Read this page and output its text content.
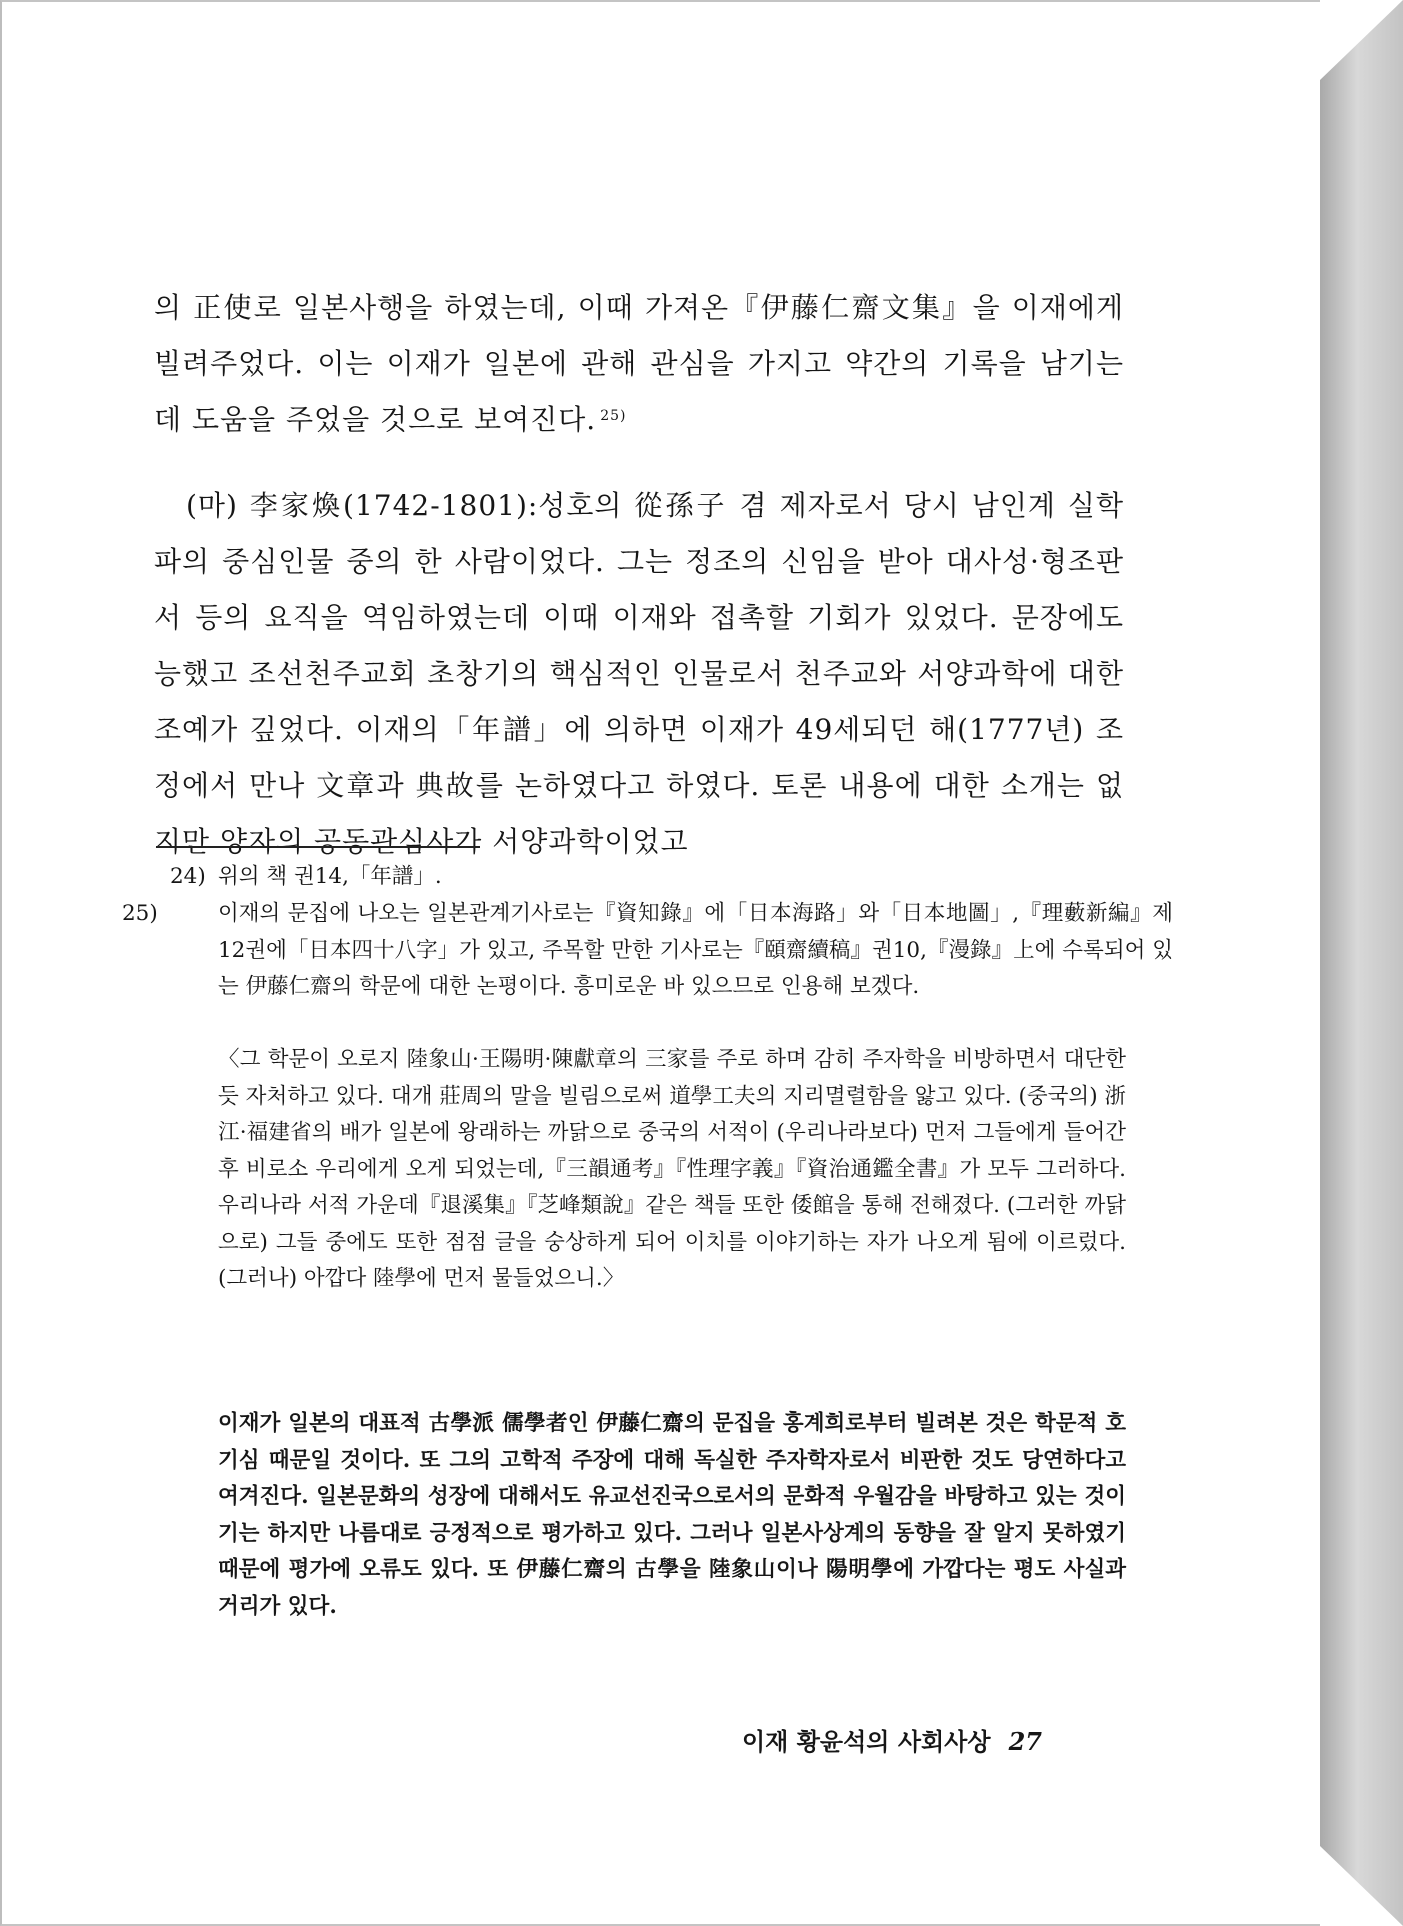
의 正使로 일본사행을 하였는데, 이때 가져온『伊藤仁齋文集』을 이재에게 빌려주었다. 이는 이재가 일본에 관해 관심을 가지고 약간의 기록을 남기는 데 도움을 주었을 것으로 보여진다. $^{25)}$
(마) 李家煥(1742-1801):성호의 從孫子 겸 제자로서 당시 남인계 실학파의 중심인물 중의 한 사람이었다. 그는 정조의 신임을 받아 대사성·형조판서 등의 요직을 역임하였는데 이때 이재와 접촉할 기회가 있었다. 문장에도 능했고 조선천주교회 초창기의 핵심적인 인물로서 천주교와 서양과학에 대한 조예가 깊었다. 이재의「年譜」에 의하면 이재가 49세되던 해(1777년) 조정에서 만나 文章과 典故를 논하였다고 하였다. 토론 내용에 대한 소개는 없지만 양자의 공동관심사가 서양과학이었고
24) 위의 책 권14,「年譜」.
25)	이재의 문집에 나오는 일본관계기사로는『資知錄』에「日本海路」와「日本地圖」,『理藪新編』제12권에「日本四十八字」가 있고, 주목할 만한 기사로는『頤齋續稿』권10,『漫錄』上에 수록되어 있는 伊藤仁齋의 학문에 대한 논평이다. 흥미로운 바 있으므로 인용해 보겠다.
〈그 학문이 오로지 陸象山·王陽明·陳獻章의 三家를 주로 하며 감히 주자학을 비방하면서 대단한 듯 자처하고 있다. 대개 莊周의 말을 빌림으로써 道學工夫의 지리멸렬함을 앓고 있다. (중국의) 浙江·福建省의 배가 일본에 왕래하는 까닭으로 중국의 서적이 (우리나라보다) 먼저 그들에게 들어간 후 비로소 우리에게 오게 되었는데,『三韻通考』『性理字義』『資治通鑑全書』가 모두 그러하다. 우리나라 서적 가운데『退溪集』『芝峰類說』같은 책들 또한 倭館을 통해 전해졌다. (그러한 까닭으로) 그들 중에도 또한 점점 글을 숭상하게 되어 이치를 이야기하는 자가 나오게 됨에 이르렀다. (그러나) 아깝다 陸學에 먼저 물들었으니.〉
이재가 일본의 대표적 古學派 儒學者인 伊藤仁齋의 문집을 홍계희로부터 빌려본 것은 학문적 호기심 때문일 것이다. 또 그의 고학적 주장에 대해 독실한 주자학자로서 비판한 것도 당연하다고 여겨진다. 일본문화의 성장에 대해서도 유교선진국으로서의 문화적 우월감을 바탕하고 있는 것이기는 하지만 나름대로 긍정적으로 평가하고 있다. 그러나 일본사상계의 동향을 잘 알지 못하였기 때문에 평가에 오류도 있다. 또 伊藤仁齋의 古學을 陸象山이나 陽明學에 가깝다는 평도 사실과 거리가 있다.
이재 황윤석의 사회사상 27
